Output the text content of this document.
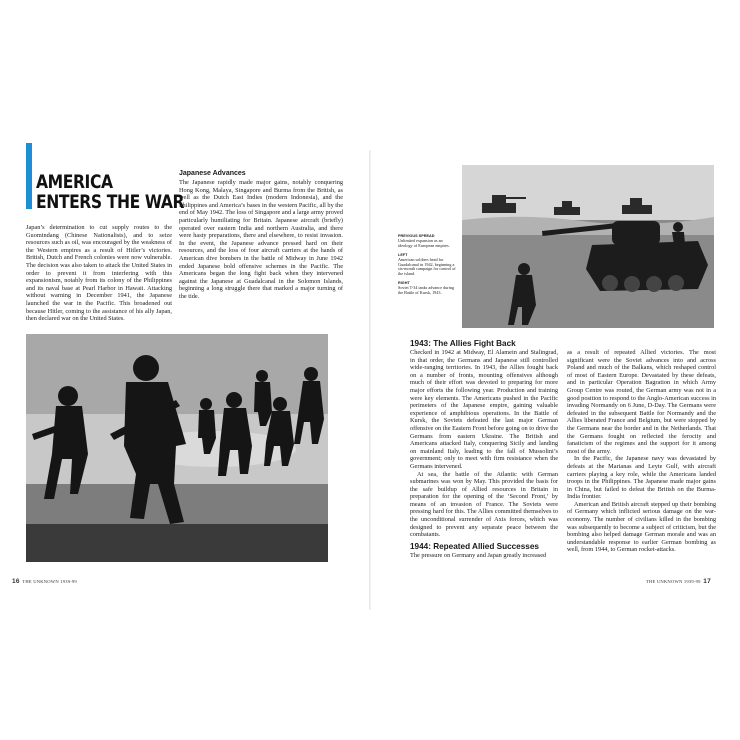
AMERICA
ENTERS THE WAR

Japan’s determination to cut supply routes to the Guomindang (Chinese Nationalists), and to seize resources such as oil, was encouraged by the weakness of the Western empires as a result of Hitler’s victories. British, Dutch and French colonies were now vulnerable. The decision was also taken to attack the United States in order to prevent it from interfering with this expansionism, notably from its colony of the Philippines and its naval base at Pearl Harbor in Hawaii. Attacking without warning in December 1941, the Japanese launched the war in the Pacific. This broadened out because Hitler, coming to the assistance of his ally Japan, then declared war on the United States.

Japanese Advances

The Japanese rapidly made major gains, notably conquering Hong Kong, Malaya, Singapore and Burma from the British, as well as the Dutch East Indies (modern Indonesia), and the Philippines and America’s bases in the western Pacific, all by the end of May 1942. The loss of Singapore and a large army proved particularly humiliating for Britain. Japanese aircraft (briefly) operated over eastern India and northern Australia, and there were hasty preparations, there and elsewhere, to resist invasion. In the event, the Japanese advance pressed hard on their resources, and the loss of four aircraft carriers at the hands of American dive bombers in the battle of Midway in June 1942 ended Japanese bold offensive schemes in the Pacific. The Americans began the long fight back when they intervened against the Japanese at Guadalcanal in the Solomon Islands, beginning a long struggle there that marked a major turning of the tide.

16 THE UNKNOWN 1939-99
PREVIOUS SPREAD
Unlimited expansion as an ideology of European empires.
LEFT
American soldiers head for Guadalcanal in 1942, beginning a six-month campaign for control of the island.
RIGHT
Soviet T-34 tanks advance during the Battle of Kursk, 1943.
1943: The Allies Fight Back

Checked in 1942 at Midway, El Alamein and Stalingrad, in that order, the Germans and Japanese still controlled wide-ranging territories. In 1943, the Allies fought back on a number of fronts, mounting offensives although much of their effort was devoted to preparing for more major efforts the following year. Production and training were key elements. The Americans pushed in the Pacific perimeters of the Japanese empire, gaining valuable experience of amphibious operations. In the Battle of Kursk, the Soviets defeated the last major German offensive on the Eastern Front before going on to drive the Germans from eastern Ukraine. The British and Americans attacked Italy, conquering Sicily and landing on mainland Italy, leading to the fall of Mussolini’s government; only to meet with firm resistance when the Germans intervened.

At sea, the battle of the Atlantic with German submarines was won by May. This provided the basis for the safe buildup of Allied resources in Britain in preparation for the opening of the ‘Second Front,’ by means of an invasion of France. The Soviets were pressing hard for this. The Allies committed themselves to the unconditional surrender of Axis forces, which was designed to prevent any separate peace between the combatants.

1944: Repeated Allied Successes

The pressure on Germany and Japan greatly increased

as a result of repeated Allied victories. The most significant were the Soviet advances into and across Poland and much of the Balkans, which reshaped control of most of Eastern Europe. Devastated by these defeats, and in particular Operation Bagration in which Army Group Centre was routed, the German army was not in a good position to respond to the Anglo-American success in invading Normandy on 6 June, D-Day. The Germans were defeated in the subsequent Battle for Normandy and the Allies liberated France and Belgium, but were stopped by the Germans near the border and in the Netherlands. That the Germans fought on reflected the ferocity and fanaticism of the regimes and the support for it among most of the army.

In the Pacific, the Japanese navy was devastated by defeats at the Marianas and Leyte Gulf, with aircraft carriers playing a key role, while the Americans landed troops in the Philippines. The Japanese made major gains in China, but failed to defeat the British on the Burma-India frontier.

American and British aircraft stepped up their bombing of Germany which inflicted serious damage on the war-economy. The number of civilians killed in the bombing was subsequently to become a subject of criticism, but the bombing also helped damage German morale and was an understandable response to earlier German bombing as well, from 1944, to German rocket-attacks.

THE UNKNOWN 1939-99 17
